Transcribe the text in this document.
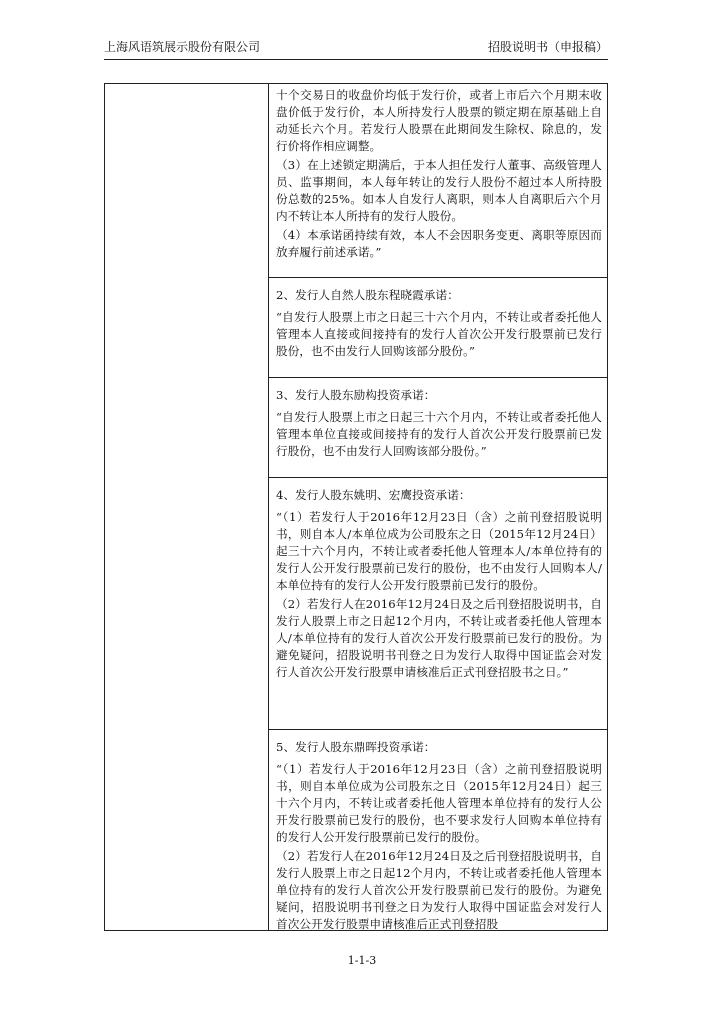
上海风语筑展示股份有限公司	招股说明书（申报稿）

十个交易日的收盘价均低于发行价，或者上市后六个月期末收盘价低于发行价，本人所持发行人股票的锁定期在原基础上自动延长六个月。若发行人股票在此期间发生除权、除息的，发行价将作相应调整。

（3）在上述锁定期满后，于本人担任发行人董事、高级管理人员、监事期间，本人每年转让的发行人股份不超过本人所持股份总数的25%。如本人自发行人离职，则本人自离职后六个月内不转让本人所持有的发行人股份。

（4）本承诺函持续有效，本人不会因职务变更、离职等原因而放弃履行前述承诺。”

2、发行人自然人股东程晓霞承诺：

“自发行人股票上市之日起三十六个月内，不转让或者委托他人管理本人直接或间接持有的发行人首次公开发行股票前已发行股份，也不由发行人回购该部分股份。”

3、发行人股东励构投资承诺：

“自发行人股票上市之日起三十六个月内，不转让或者委托他人管理本单位直接或间接持有的发行人首次公开发行股票前已发行股份，也不由发行人回购该部分股份。”

4、发行人股东姚明、宏鹰投资承诺：

“（1）若发行人于2016年12月23日（含）之前刊登招股说明书，则自本人/本单位成为公司股东之日（2015年12月24日）起三十六个月内，不转让或者委托他人管理本人/本单位持有的发行人公开发行股票前已发行的股份，也不由发行人回购本人/本单位持有的发行人公开发行股票前已发行的股份。

（2）若发行人在2016年12月24日及之后刊登招股说明书，自发行人股票上市之日起12个月内，不转让或者委托他人管理本人/本单位持有的发行人首次公开发行股票前已发行的股份。为避免疑问，招股说明书刊登之日为发行人取得中国证监会对发行人首次公开发行股票申请核准后正式刊登招股书之日。”

5、发行人股东鼎晖投资承诺：

“（1）若发行人于2016年12月23日（含）之前刊登招股说明书，则自本单位成为公司股东之日（2015年12月24日）起三十六个月内，不转让或者委托他人管理本单位持有的发行人公开发行股票前已发行的股份，也不要求发行人回购本单位持有的发行人公开发行股票前已发行的股份。

（2）若发行人在2016年12月24日及之后刊登招股说明书，自发行人股票上市之日起12个月内，不转让或者委托他人管理本单位持有的发行人首次公开发行股票前已发行的股份。为避免疑问，招股说明书刊登之日为发行人取得中国证监会对发行人首次公开发行股票申请核准后正式刊登招股

1-1-3
